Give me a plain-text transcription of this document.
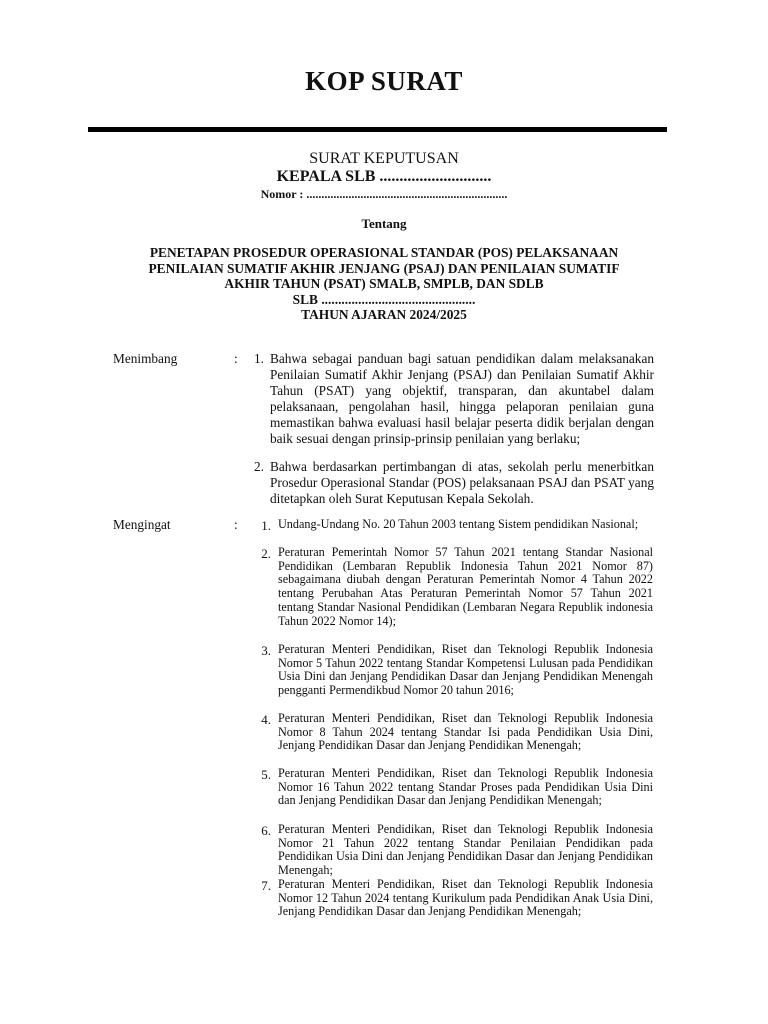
KOP SURAT
SURAT KEPUTUSAN
KEPALA SLB ............................
Nomor : ...................................................................
Tentang
PENETAPAN PROSEDUR OPERASIONAL STANDAR (POS) PELAKSANAAN
PENILAIAN SUMATIF AKHIR JENJANG (PSAJ) DAN PENILAIAN SUMATIF
AKHIR TAHUN (PSAT) SMALB, SMPLB, DAN SDLB
SLB ..............................................
TAHUN AJARAN 2024/2025
Menimbang	:	1. Bahwa sebagai panduan bagi satuan pendidikan dalam melaksanakan Penilaian Sumatif Akhir Jenjang (PSAJ) dan Penilaian Sumatif Akhir Tahun (PSAT) yang objektif, transparan, dan akuntabel dalam pelaksanaan, pengolahan hasil, hingga pelaporan penilaian guna memastikan bahwa evaluasi hasil belajar peserta didik berjalan dengan baik sesuai dengan prinsip-prinsip penilaian yang berlaku;
2. Bahwa berdasarkan pertimbangan di atas, sekolah perlu menerbitkan Prosedur Operasional Standar (POS) pelaksanaan PSAJ dan PSAT yang ditetapkan oleh Surat Keputusan Kepala Sekolah.
Mengingat	:	1. Undang-Undang No. 20 Tahun 2003 tentang Sistem pendidikan Nasional;
2. Peraturan Pemerintah Nomor 57 Tahun 2021 tentang Standar Nasional Pendidikan (Lembaran Republik Indonesia Tahun 2021 Nomor 87) sebagaimana diubah dengan Peraturan Pemerintah Nomor 4 Tahun 2022 tentang Perubahan Atas Peraturan Pemerintah Nomor 57 Tahun 2021 tentang Standar Nasional Pendidikan (Lembaran Negara Republik indonesia Tahun 2022 Nomor 14);
3. Peraturan Menteri Pendidikan, Riset dan Teknologi Republik Indonesia Nomor 5 Tahun 2022 tentang Standar Kompetensi Lulusan pada Pendidikan Usia Dini dan Jenjang Pendidikan Dasar dan Jenjang Pendidikan Menengah pengganti Permendikbud Nomor 20 tahun 2016;
4. Peraturan Menteri Pendidikan, Riset dan Teknologi Republik Indonesia Nomor 8 Tahun 2024 tentang Standar Isi pada Pendidikan Usia Dini, Jenjang Pendidikan Dasar dan Jenjang Pendidikan Menengah;
5. Peraturan Menteri Pendidikan, Riset dan Teknologi Republik Indonesia Nomor 16 Tahun 2022 tentang Standar Proses pada Pendidikan Usia Dini dan Jenjang Pendidikan Dasar dan Jenjang Pendidikan Menengah;
6. Peraturan Menteri Pendidikan, Riset dan Teknologi Republik Indonesia Nomor 21 Tahun 2022 tentang Standar Penilaian Pendidikan pada Pendidikan Usia Dini dan Jenjang Pendidikan Dasar dan Jenjang Pendidikan Menengah;
7. Peraturan Menteri Pendidikan, Riset dan Teknologi Republik Indonesia Nomor 12 Tahun 2024 tentang Kurikulum pada Pendidikan Anak Usia Dini, Jenjang Pendidikan Dasar dan Jenjang Pendidikan Menengah;
